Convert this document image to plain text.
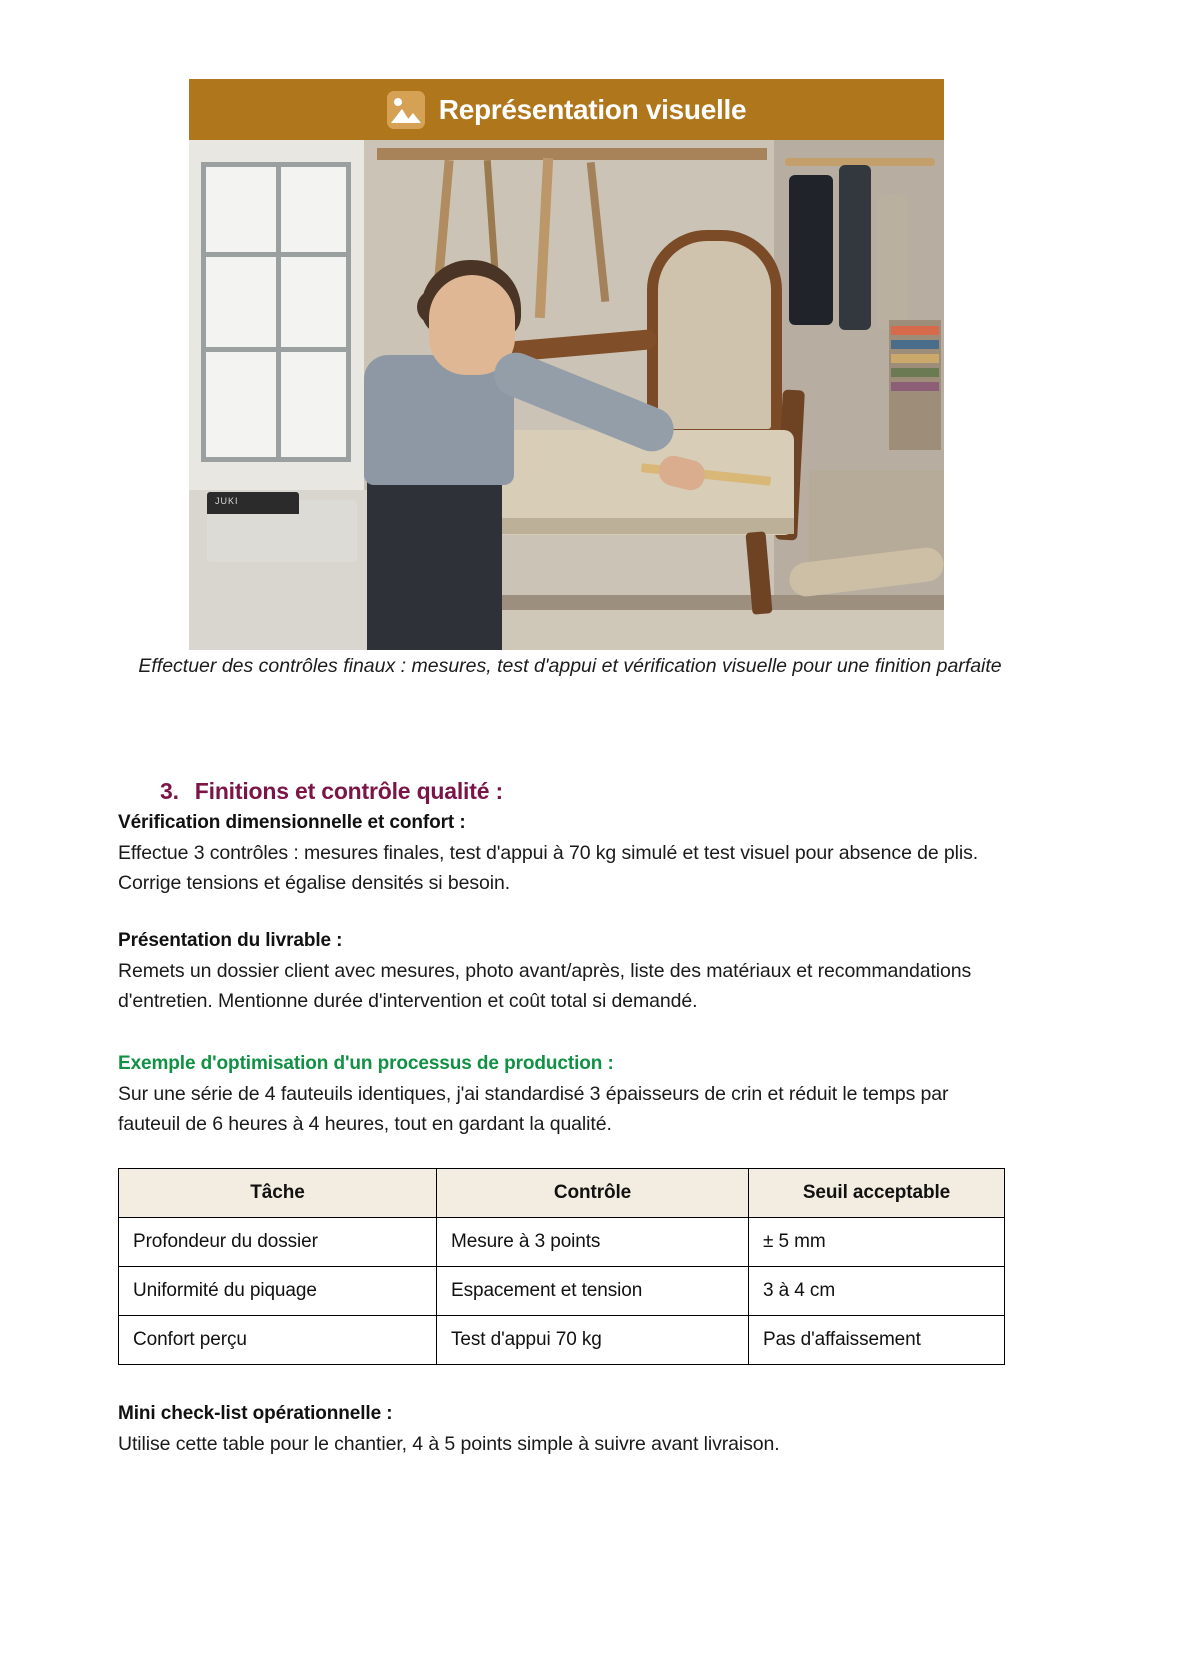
Représentation visuelle
JUKI
Effectuer des contrôles finaux : mesures, test d'appui et vérification visuelle pour une finition parfaite
3. Finitions et contrôle qualité :

Vérification dimensionnelle et confort :

Effectue 3 contrôles : mesures finales, test d'appui à 70 kg simulé et test visuel pour absence de plis. Corrige tensions et égalise densités si besoin.

Présentation du livrable :

Remets un dossier client avec mesures, photo avant/après, liste des matériaux et recommandations d'entretien. Mentionne durée d'intervention et coût total si demandé.

Exemple d'optimisation d'un processus de production :

Sur une série de 4 fauteuils identiques, j'ai standardisé 3 épaisseurs de crin et réduit le temps par fauteuil de 6 heures à 4 heures, tout en gardant la qualité.

Tâche	Contrôle	Seuil acceptable
Profondeur du dossier	Mesure à 3 points	± 5 mm
Uniformité du piquage	Espacement et tension	3 à 4 cm
Confort perçu	Test d'appui 70 kg	Pas d'affaissement

Mini check-list opérationnelle :

Utilise cette table pour le chantier, 4 à 5 points simple à suivre avant livraison.
